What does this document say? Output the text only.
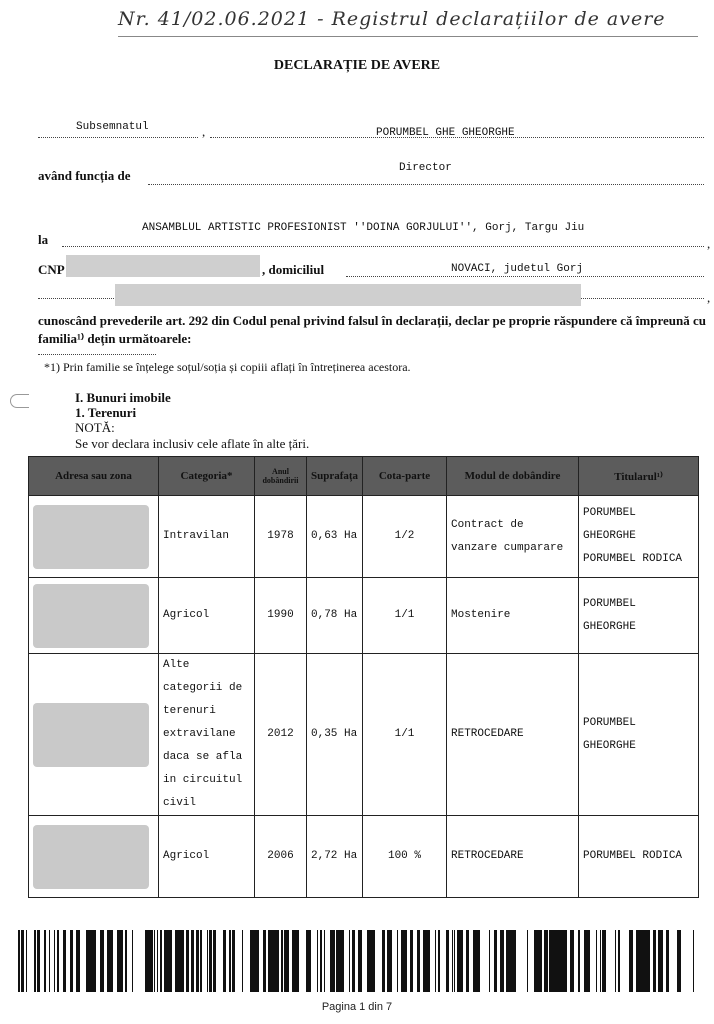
Nr. 41/02.06.2021 - Registrul declarațiilor de avere
DECLARAȚIE DE AVERE
Subsemnatul	,	PORUMBEL GHE GHEORGHE
având funcția de	Director
ANSAMBLUL ARTISTIC PROFESIONIST ''DOINA GORJULUI'', Gorj, Targu Jiu
la	,
CNP	, domiciliul	NOVACI, judetul Gorj
,
cunoscând prevederile art. 292 din Codul penal privind falsul în declarații, declar pe proprie răspundere că împreună cu familia¹⁾ dețin următoarele:
*1) Prin familie se înțelege soțul/soția și copiii aflați în întreținerea acestora.
I. Bunuri imobile
1. Terenuri
NOTĂ:
Se vor declara inclusiv cele aflate în alte țări.
Adresa sau zona	Categoria*	Anul dobândirii	Suprafața	Cota-parte	Modul de dobândire	Titularul¹⁾

	Intravilan	1978	0,63 Ha	1/2	Contract de vanzare cumparare	PORUMBEL GHEORGHE PORUMBEL RODICA

	Agricol	1990	0,78 Ha	1/1	Mostenire	PORUMBEL GHEORGHE

	Alte categorii de terenuri extravilane daca se afla in circuitul civil	2012	0,35 Ha	1/1	RETROCEDARE	PORUMBEL GHEORGHE

	Agricol	2006	2,72 Ha	100 %	RETROCEDARE	PORUMBEL RODICA
Pagina 1 din 7
